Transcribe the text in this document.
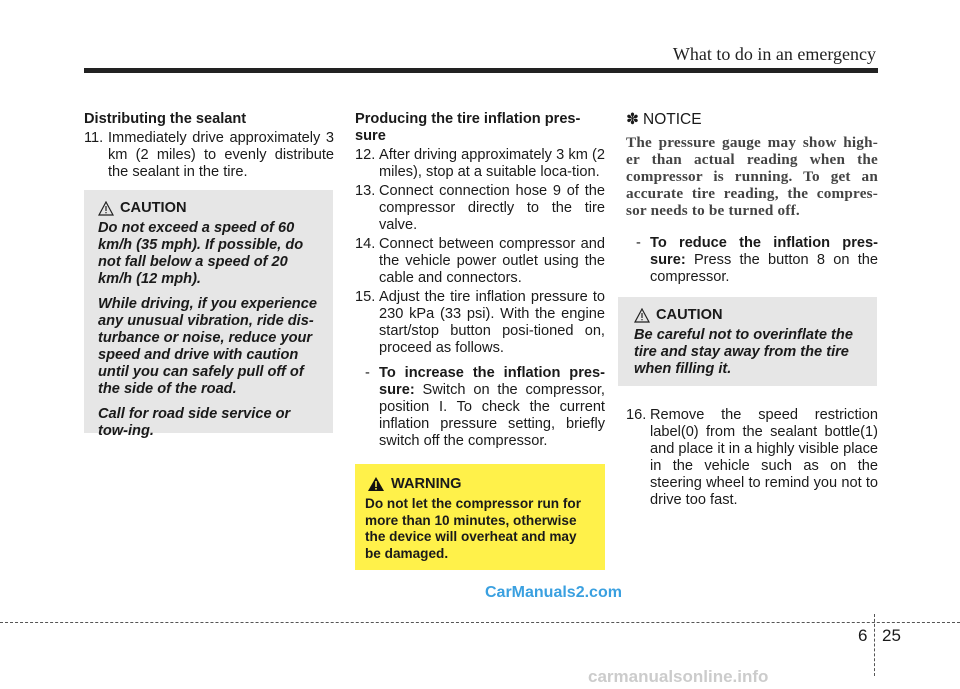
What to do in an emergency
Distributing the sealant
11. Immediately drive approximately 3 km (2 miles) to evenly distribute the sealant in the tire.
CAUTION

Do not exceed a speed of 60 km/h (35 mph). If possible, do not fall below a speed of 20 km/h (12 mph).

While driving, if you experience any unusual vibration, ride dis-turbance or noise, reduce your speed and drive with caution until you can safely pull off of the side of the road.

Call for road side service or tow-ing.

Producing the tire inflation pres-sure
12. After driving approximately 3 km (2 miles), stop at a suitable loca-tion.
13. Connect connection hose 9 of the compressor directly to the tire valve.
14. Connect between compressor and the vehicle power outlet using the cable and connectors.
15. Adjust the tire inflation pressure to 230 kPa (33 psi). With the engine start/stop button posi-tioned on, proceed as follows.
- To increase the inflation pres-sure: Switch on the compressor, position I. To check the current inflation pressure setting, briefly switch off the compressor.
WARNING
Do not let the compressor run for more than 10 minutes, otherwise the device will overheat and may be damaged.
✽ NOTICE
The pressure gauge may show high-er than actual reading when the compressor is running. To get an accurate tire reading, the compres-sor needs to be turned off.
- To reduce the inflation pres-sure: Press the button 8 on the compressor.
16. Remove the speed restriction label(0) from the sealant bottle(1) and place it in a highly visible place in the vehicle such as on the steering wheel to remind you not to drive too fast.
CAUTION
Be careful not to overinflate the tire and stay away from the tire when filling it.
CarManuals2.com
6 25
carmanualsonline.info
